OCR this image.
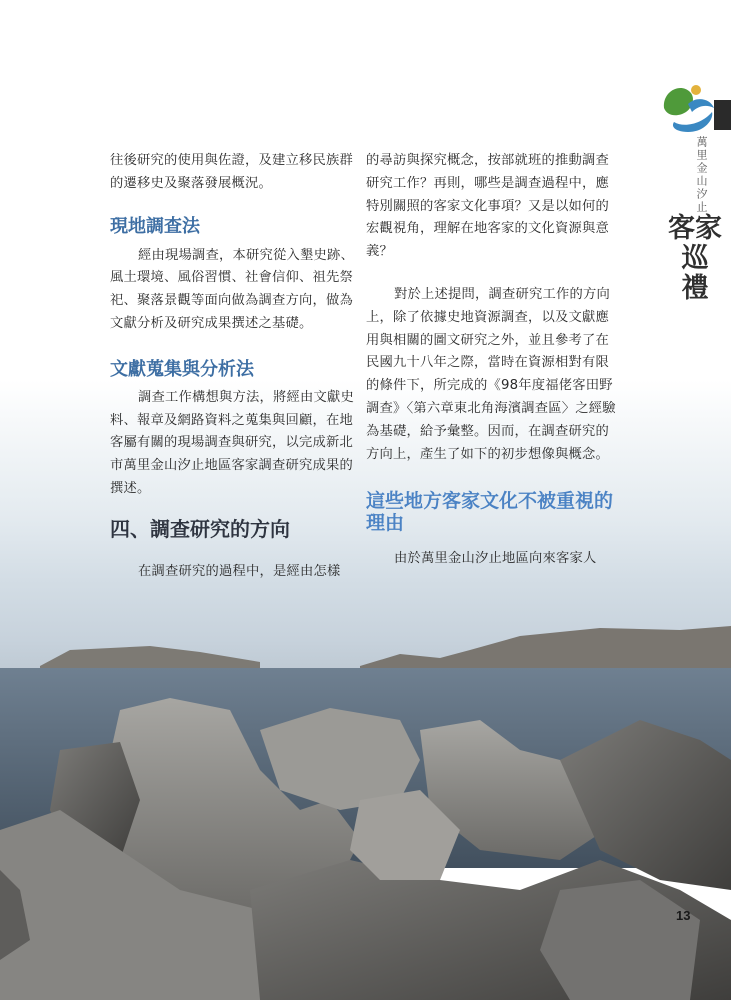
萬里金山汐止
客家
巡
禮

往後研究的使用與佐證，及建立移民族群的遷移史及聚落發展概況。

現地調查法

經由現場調查，本研究從入墾史跡、風土環境、風俗習慣、社會信仰、祖先祭祀、聚落景觀等面向做為調查方向，做為文獻分析及研究成果撰述之基礎。

文獻蒐集與分析法

調查工作構想與方法，將經由文獻史料、報章及網路資料之蒐集與回顧，在地客屬有關的現場調查與研究，以完成新北市萬里金山汐止地區客家調查研究成果的撰述。

四、調查研究的方向

在調查研究的過程中，是經由怎樣

的尋訪與探究概念，按部就班的推動調查研究工作？再則，哪些是調查過程中，應特別關照的客家文化事項？又是以如何的宏觀視角，理解在地客家的文化資源與意義？

對於上述提問，調查研究工作的方向上，除了依據史地資源調查，以及文獻應用與相關的圖文研究之外，並且參考了在民國九十八年之際，當時在資源相對有限的條件下，所完成的《98年度福佬客田野調查》〈第六章東北角海濱調查區〉之經驗為基礎，給予彙整。因而，在調查研究的方向上，產生了如下的初步想像與概念。

這些地方客家文化不被重視的理由

由於萬里金山汐止地區向來客家人

13
